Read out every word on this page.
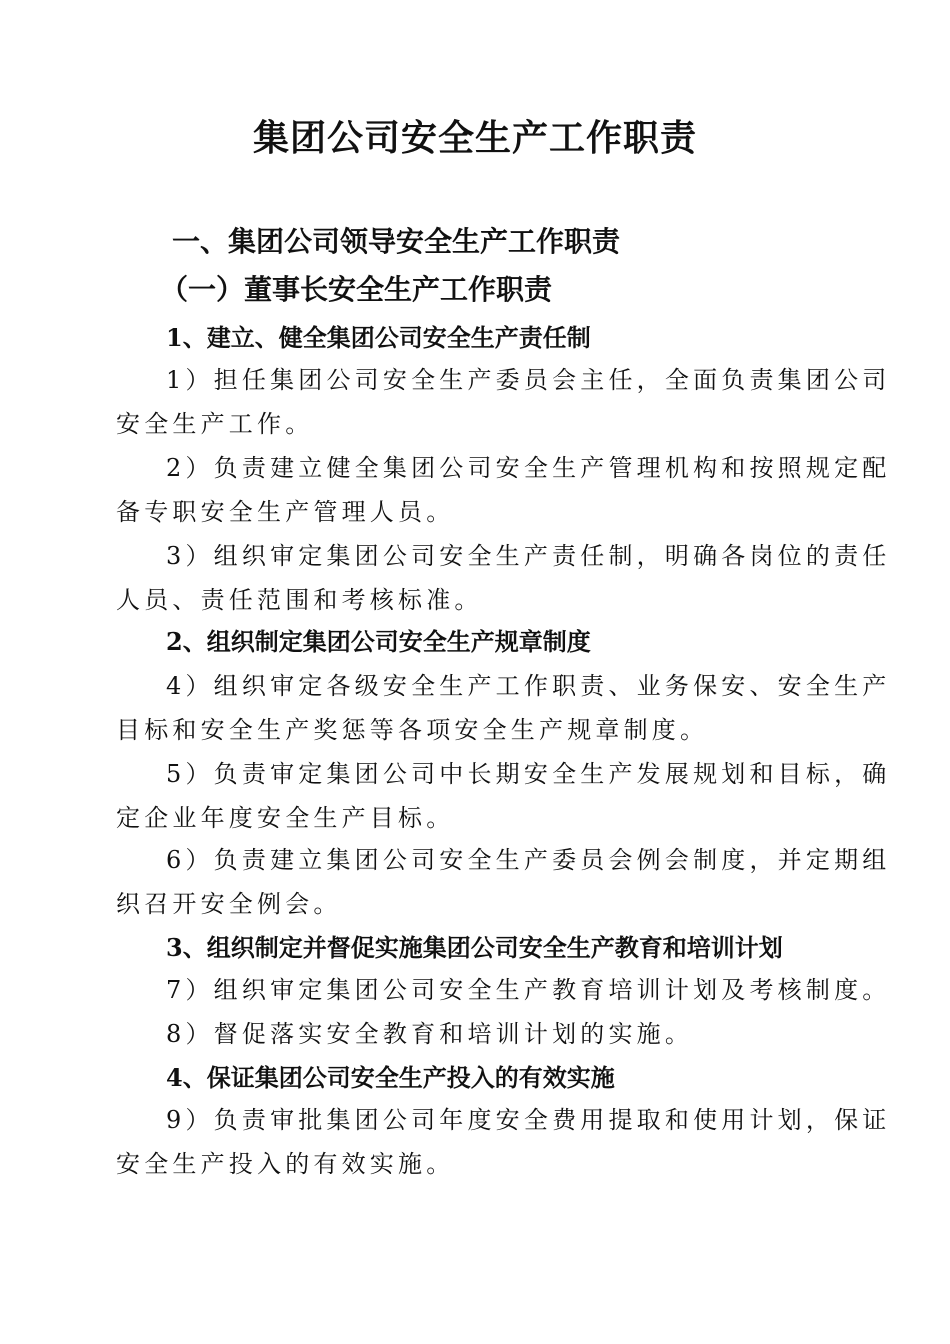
集团公司安全生产工作职责
一、集团公司领导安全生产工作职责
（一）董事长安全生产工作职责
1、建立、健全集团公司安全生产责任制

1）担任集团公司安全生产委员会主任，全面负责集团公司
安全生产工作。

2）负责建立健全集团公司安全生产管理机构和按照规定配
备专职安全生产管理人员。

3）组织审定集团公司安全生产责任制，明确各岗位的责任
人员、责任范围和考核标准。

2、组织制定集团公司安全生产规章制度

4）组织审定各级安全生产工作职责、业务保安、安全生产
目标和安全生产奖惩等各项安全生产规章制度。

5）负责审定集团公司中长期安全生产发展规划和目标，确
定企业年度安全生产目标。

6）负责建立集团公司安全生产委员会例会制度，并定期组
织召开安全例会。

3、组织制定并督促实施集团公司安全生产教育和培训计划

7）组织审定集团公司安全生产教育培训计划及考核制度。

8）督促落实安全教育和培训计划的实施。

4、保证集团公司安全生产投入的有效实施

9）负责审批集团公司年度安全费用提取和使用计划，保证
安全生产投入的有效实施。
